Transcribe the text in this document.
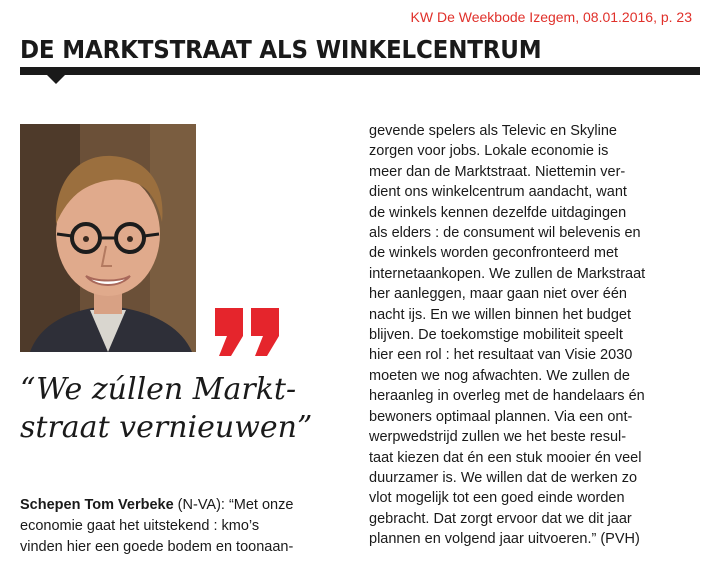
KW De Weekbode Izegem, 08.01.2016, p. 23
DE MARKTSTRAAT ALS WINKELCENTRUM
“We zúllen Markt-
straat vernieuwen”
Schepen Tom Verbeke (N-VA): “Met onze
economie gaat het uitstekend : kmo’s
vinden hier een goede bodem en toonaan-
gevende spelers als Televic en Skyline
zorgen voor jobs. Lokale economie is
meer dan de Marktstraat. Niettemin ver-
dient ons winkelcentrum aandacht, want
de winkels kennen dezelfde uitdagingen
als elders : de consument wil belevenis en
de winkels worden geconfronteerd met
internetaankopen. We zullen de Markstraat
her aanleggen, maar gaan niet over één
nacht ijs. En we willen binnen het budget
blijven. De toekomstige mobiliteit speelt
hier een rol : het resultaat van Visie 2030
moeten we nog afwachten. We zullen de
heraanleg in overleg met de handelaars én
bewoners optimaal plannen. Via een ont-
werpwedstrijd zullen we het beste resul-
taat kiezen dat én een stuk mooier én veel
duurzamer is. We willen dat de werken zo
vlot mogelijk tot een goed einde worden
gebracht. Dat zorgt ervoor dat we dit jaar
plannen en volgend jaar uitvoeren.” (PVH)
